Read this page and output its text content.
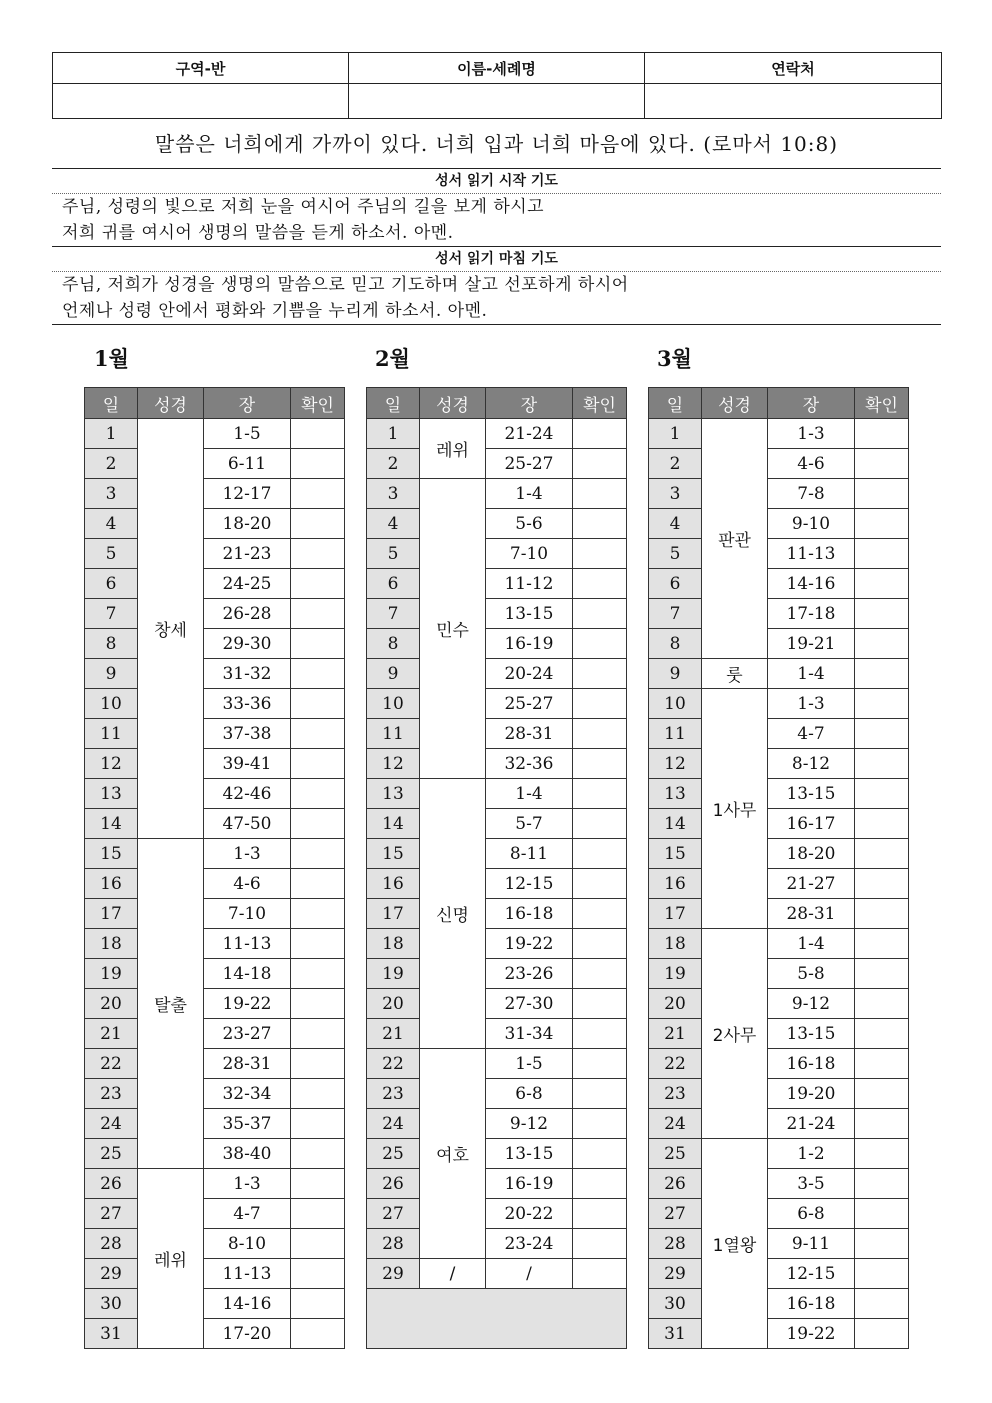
구역-반	이름-세례명	연락처

말씀은 너희에게 가까이 있다. 너희 입과 너희 마음에 있다. (로마서 10:8)
성서 읽기 시작 기도
주님, 성령의 빛으로 저희 눈을 여시어 주님의 길을 보게 하시고
저희 귀를 여시어 생명의 말씀을 듣게 하소서. 아멘.
성서 읽기 마침 기도
주님, 저희가 성경을 생명의 말씀으로 믿고 기도하며 살고 선포하게 하시어
언제나 성령 안에서 평화와 기쁨을 누리게 하소서. 아멘.
1월	2월	3월
일	성경	장	확인
1	창세	1-5	
2		6-11	
3		12-17	
4		18-20	
5		21-23	
6		24-25	
7		26-28	
8		29-30	
9		31-32	
10		33-36	
11		37-38	
12		39-41	
13		42-46	
14		47-50	
15	탈출	1-3	
16		4-6	
17		7-10	
18		11-13	
19		14-18	
20		19-22	
21		23-27	
22		28-31	
23		32-34	
24		35-37	
25		38-40	
26	레위	1-3	
27		4-7	
28		8-10	
29		11-13	
30		14-16	
31		17-20	
일	성경	장	확인
1	레위	21-24	
2		25-27	
3	민수	1-4	
4		5-6	
5		7-10	
6		11-12	
7		13-15	
8		16-19	
9		20-24	
10		25-27	
11		28-31	
12		32-36	
13	신명	1-4	
14		5-7	
15		8-11	
16		12-15	
17		16-18	
18		19-22	
19		23-26	
20		27-30	
21		31-34	
22	여호	1-5	
23		6-8	
24		9-12	
25		13-15	
26		16-19	
27		20-22	
28		23-24	
29	/	/	

일	성경	장	확인
1	판관	1-3	
2		4-6	
3		7-8	
4		9-10	
5		11-13	
6		14-16	
7		17-18	
8		19-21	
9	룻	1-4	
10	1사무	1-3	
11		4-7	
12		8-12	
13		13-15	
14		16-17	
15		18-20	
16		21-27	
17		28-31	
18	2사무	1-4	
19		5-8	
20		9-12	
21		13-15	
22		16-18	
23		19-20	
24		21-24	
25	1열왕	1-2	
26		3-5	
27		6-8	
28		9-11	
29		12-15	
30		16-18	
31		19-22	
